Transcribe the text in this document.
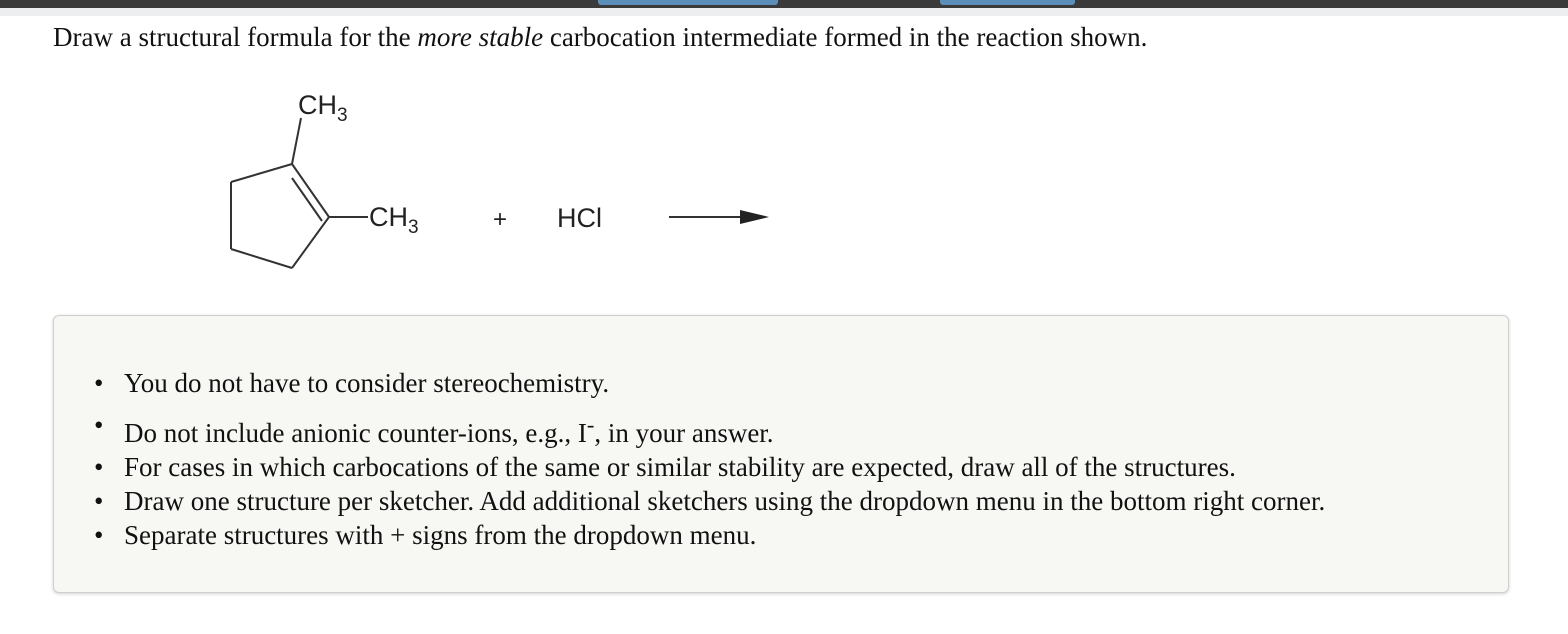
Draw a structural formula for the more stable carbocation intermediate formed in the reaction shown.
$CH_3$
$CH_3$	+ HCl
• You do not have to consider stereochemistry.
• Do not include anionic counter-ions, e.g., I-, in your answer.
• For cases in which carbocations of the same or similar stability are expected, draw all of the structures.
• Draw one structure per sketcher. Add additional sketchers using the dropdown menu in the bottom right corner.
• Separate structures with + signs from the dropdown menu.
